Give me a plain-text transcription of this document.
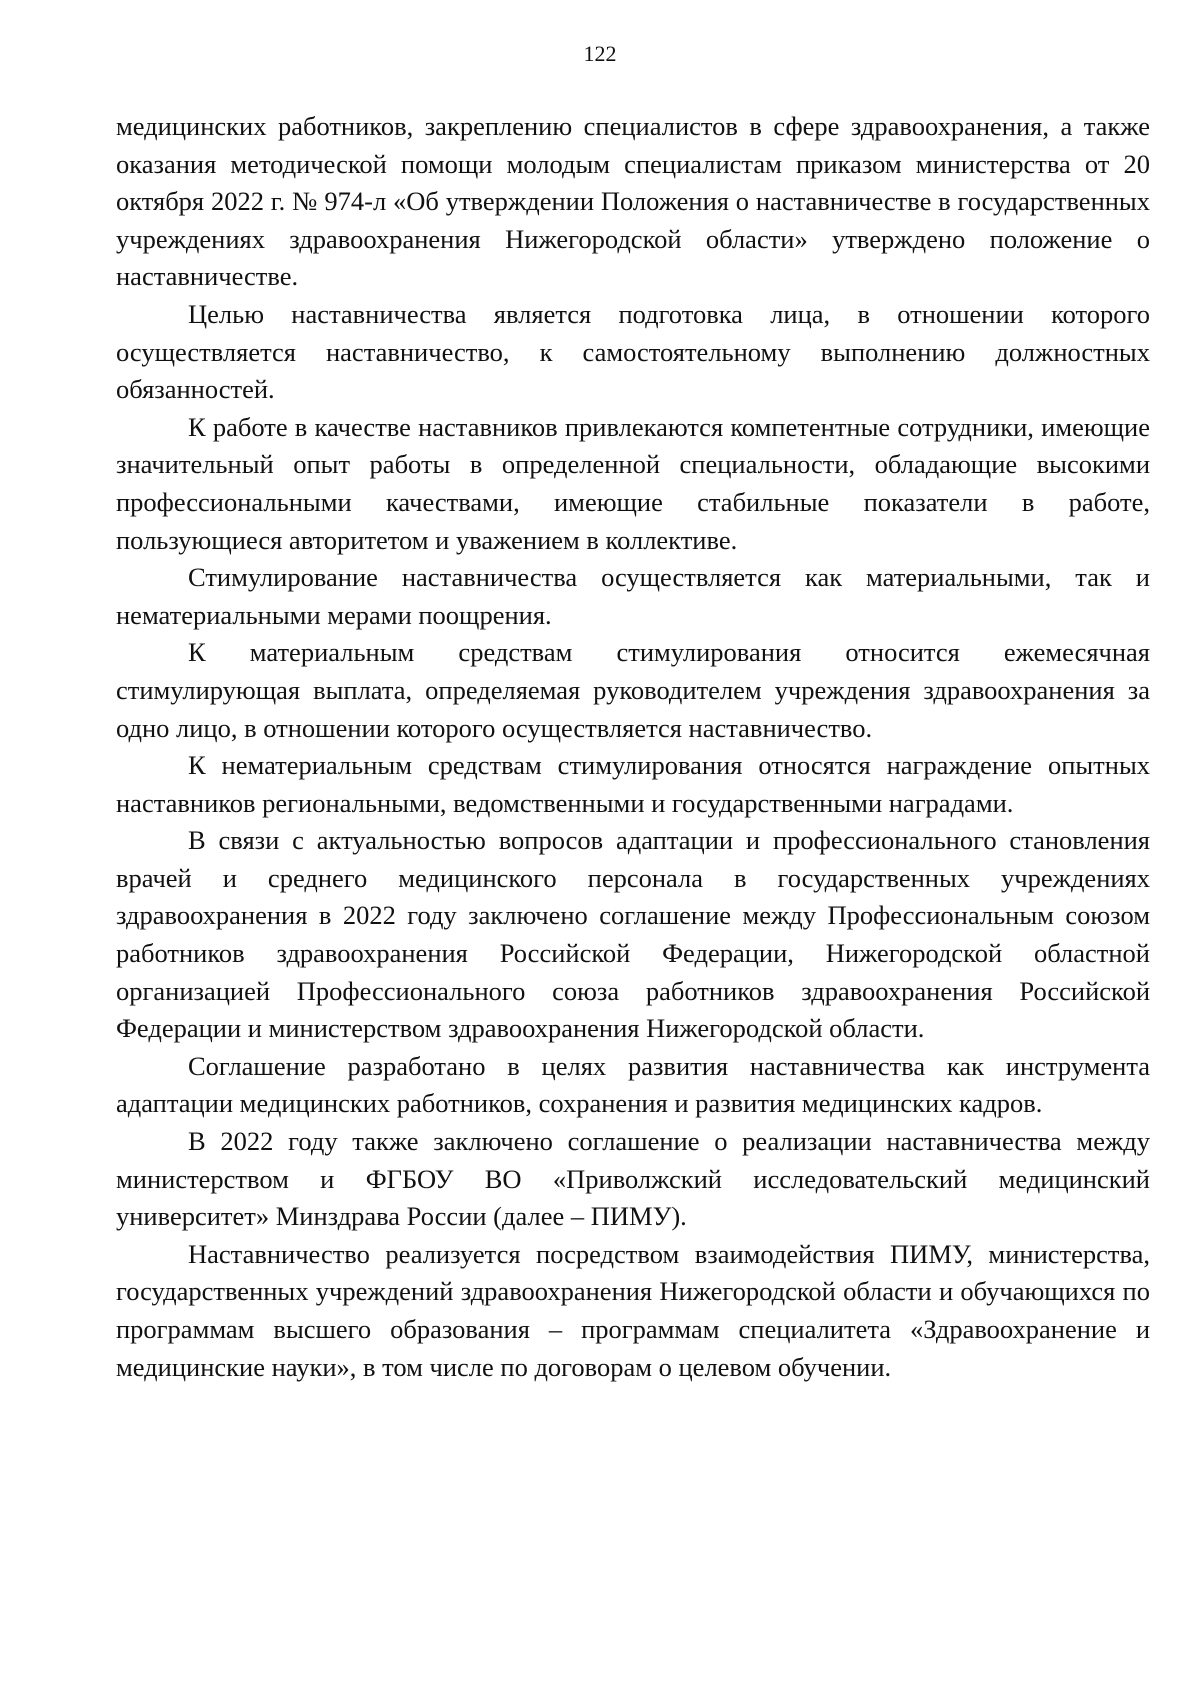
122

медицинских работников, закреплению специалистов в сфере здравоохранения, а также оказания методической помощи молодым специалистам приказом министерства от 20 октября 2022 г. № 974-л «Об утверждении Положения о наставничестве в государственных учреждениях здравоохранения Нижегородской области» утверждено положение о наставничестве.

Целью наставничества является подготовка лица, в отношении которого осуществляется наставничество, к самостоятельному выполнению должностных обязанностей.

К работе в качестве наставников привлекаются компетентные сотрудники, имеющие значительный опыт работы в определенной специальности, обладающие высокими профессиональными качествами, имеющие стабильные показатели в работе, пользующиеся авторитетом и уважением в коллективе.

Стимулирование наставничества осуществляется как материальными, так и нематериальными мерами поощрения.

К материальным средствам стимулирования относится ежемесячная стимулирующая выплата, определяемая руководителем учреждения здравоохранения за одно лицо, в отношении которого осуществляется наставничество.

К нематериальным средствам стимулирования относятся награждение опытных наставников региональными, ведомственными и государственными наградами.

В связи с актуальностью вопросов адаптации и профессионального становления врачей и среднего медицинского персонала в государственных учреждениях здравоохранения в 2022 году заключено соглашение между Профессиональным союзом работников здравоохранения Российской Федерации, Нижегородской областной организацией Профессионального союза работников здравоохранения Российской Федерации и министерством здравоохранения Нижегородской области.

Соглашение разработано в целях развития наставничества как инструмента адаптации медицинских работников, сохранения и развития медицинских кадров.

В 2022 году также заключено соглашение о реализации наставничества между министерством и ФГБОУ ВО «Приволжский исследовательский медицинский университет» Минздрава России (далее – ПИМУ).

Наставничество реализуется посредством взаимодействия ПИМУ, министерства, государственных учреждений здравоохранения Нижегородской области и обучающихся по программам высшего образования – программам специалитета «Здравоохранение и медицинские науки», в том числе по договорам о целевом обучении.
